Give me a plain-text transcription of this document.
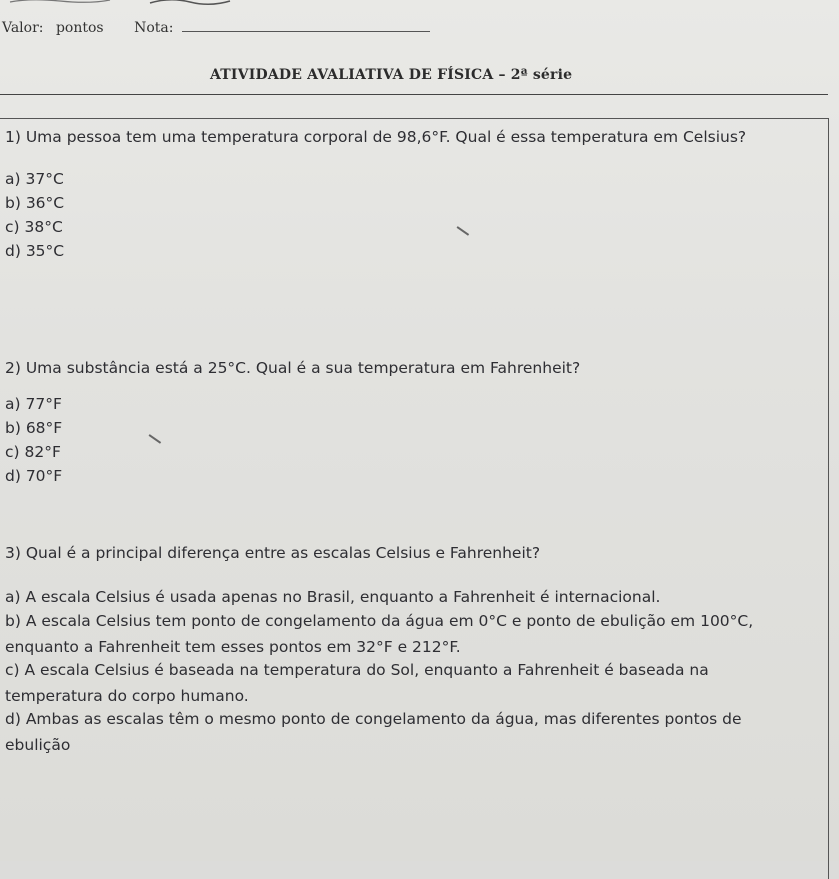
Valor: pontos Nota:
ATIVIDADE AVALIATIVA DE FÍSICA – 2ª série
1) Uma pessoa tem uma temperatura corporal de 98,6°F. Qual é essa temperatura em Celsius?
a) 37°C
b) 36°C
c) 38°C
d) 35°C
2) Uma substância está a 25°C. Qual é a sua temperatura em Fahrenheit?
a) 77°F
b) 68°F
c) 82°F
d) 70°F
3) Qual é a principal diferença entre as escalas Celsius e Fahrenheit?
a) A escala Celsius é usada apenas no Brasil, enquanto a Fahrenheit é internacional.
b) A escala Celsius tem ponto de congelamento da água em 0°C e ponto de ebulição em 100°C,
enquanto a Fahrenheit tem esses pontos em 32°F e 212°F.
c) A escala Celsius é baseada na temperatura do Sol, enquanto a Fahrenheit é baseada na
temperatura do corpo humano.
d) Ambas as escalas têm o mesmo ponto de congelamento da água, mas diferentes pontos de
ebulição
